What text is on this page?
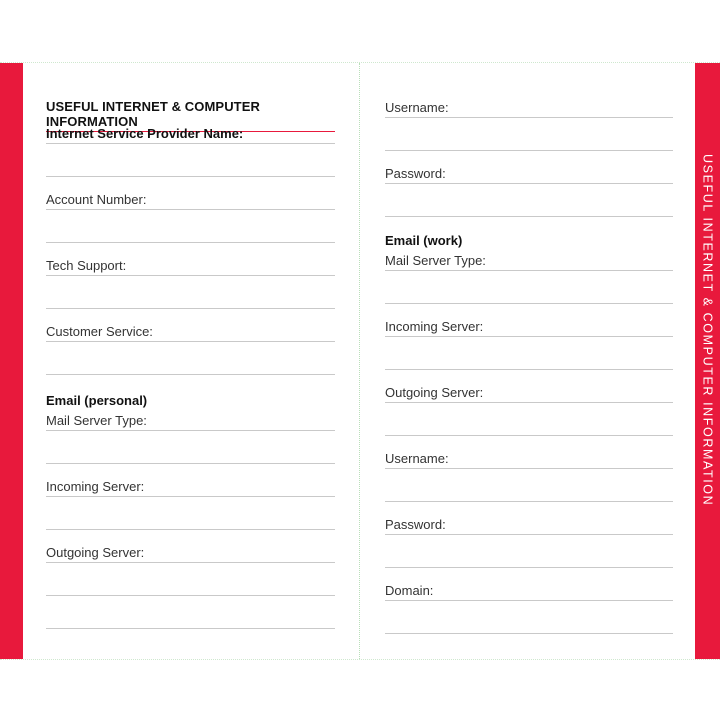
USEFUL INTERNET & COMPUTER INFORMATION
Internet Service Provider Name:
Account Number:
Tech Support:
Customer Service:
Email (personal)
Mail Server Type:
Incoming Server:
Outgoing Server:
Username:
Password:
Email (work)
Mail Server Type:
Incoming Server:
Outgoing Server:
Username:
Password:
Domain:
USEFUL INTERNET & COMPUTER INFORMATION
